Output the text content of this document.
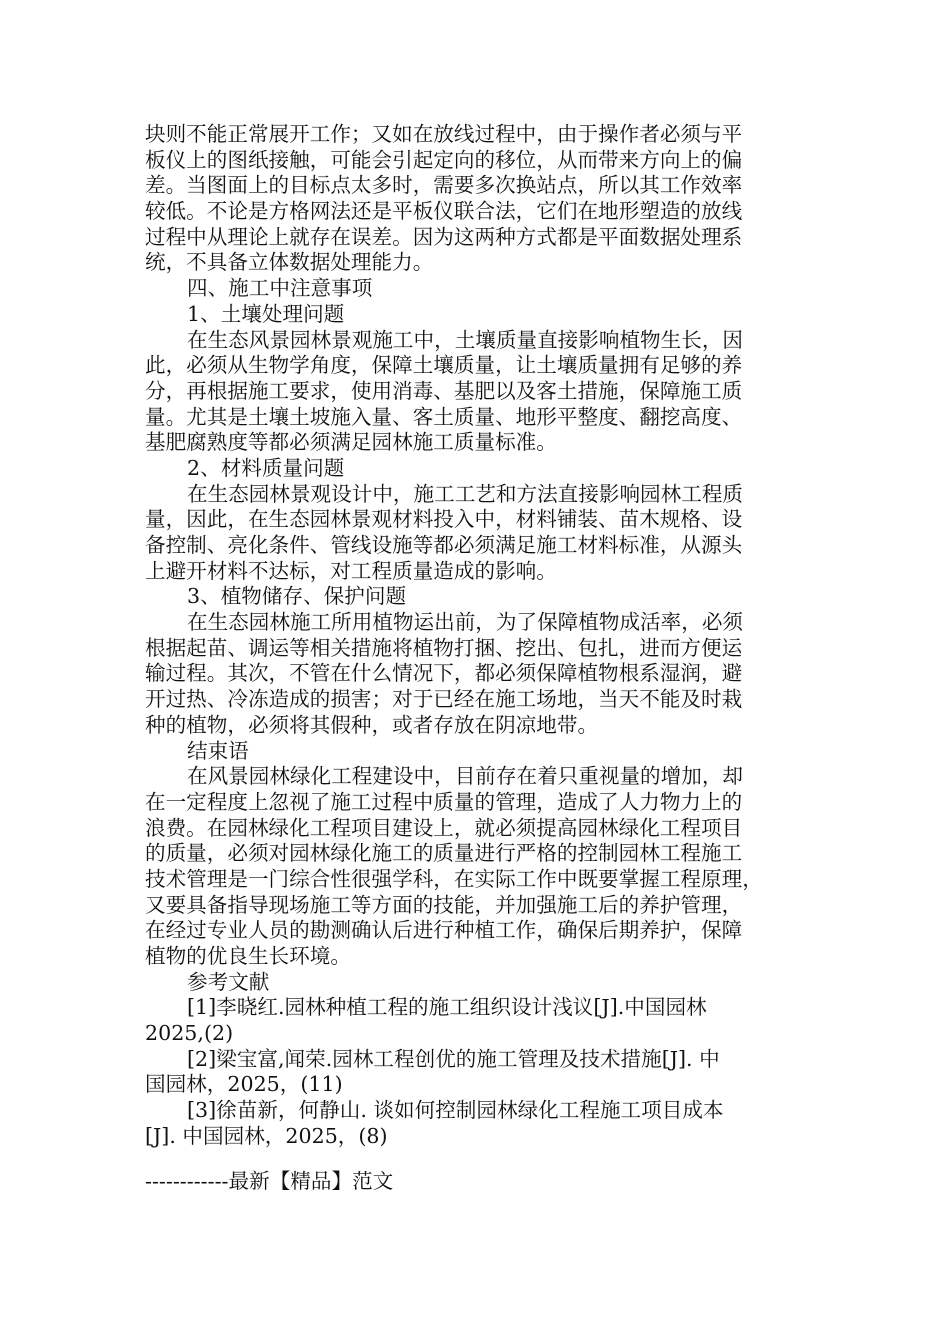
块则不能正常展开工作；又如在放线过程中，由于操作者必须与平
板仪上的图纸接触，可能会引起定向的移位，从而带来方向上的偏
差。当图面上的目标点太多时，需要多次换站点，所以其工作效率
较低。不论是方格网法还是平板仪联合法，它们在地形塑造的放线
过程中从理论上就存在误差。因为这两种方式都是平面数据处理系
统，不具备立体数据处理能力。
四、施工中注意事项
1、土壤处理问题
在生态风景园林景观施工中，土壤质量直接影响植物生长，因
此，必须从生物学角度，保障土壤质量，让土壤质量拥有足够的养
分，再根据施工要求，使用消毒、基肥以及客土措施，保障施工质
量。尤其是土壤土坡施入量、客土质量、地形平整度、翻挖高度、
基肥腐熟度等都必须满足园林施工质量标准。
2、材料质量问题
在生态园林景观设计中，施工工艺和方法直接影响园林工程质
量，因此，在生态园林景观材料投入中，材料铺装、苗木规格、设
备控制、亮化条件、管线设施等都必须满足施工材料标准，从源头
上避开材料不达标，对工程质量造成的影响。
3、植物储存、保护问题
在生态园林施工所用植物运出前，为了保障植物成活率，必须
根据起苗、调运等相关措施将植物打捆、挖出、包扎，进而方便运
输过程。其次，不管在什么情况下，都必须保障植物根系湿润，避
开过热、冷冻造成的损害；对于已经在施工场地，当天不能及时栽
种的植物，必须将其假种，或者存放在阴凉地带。
结束语
在风景园林绿化工程建设中，目前存在着只重视量的增加，却
在一定程度上忽视了施工过程中质量的管理，造成了人力物力上的
浪费。在园林绿化工程项目建设上，就必须提高园林绿化工程项目
的质量，必须对园林绿化施工的质量进行严格的控制园林工程施工
技术管理是一门综合性很强学科，在实际工作中既要掌握工程原理，
又要具备指导现场施工等方面的技能，并加强施工后的养护管理，
在经过专业人员的勘测确认后进行种植工作，确保后期养护，保障
植物的优良生长环境。
参考文献
[1]李晓红.园林种植工程的施工组织设计浅议[J].中国园林
2025,(2)
[2]梁宝富,闻荣.园林工程创优的施工管理及技术措施[J]. 中
国园林，2025，(11)
[3]徐苗新，何静山. 谈如何控制园林绿化工程施工项目成本
[J]. 中国园林，2025，(8)
------------最新【精品】范文
